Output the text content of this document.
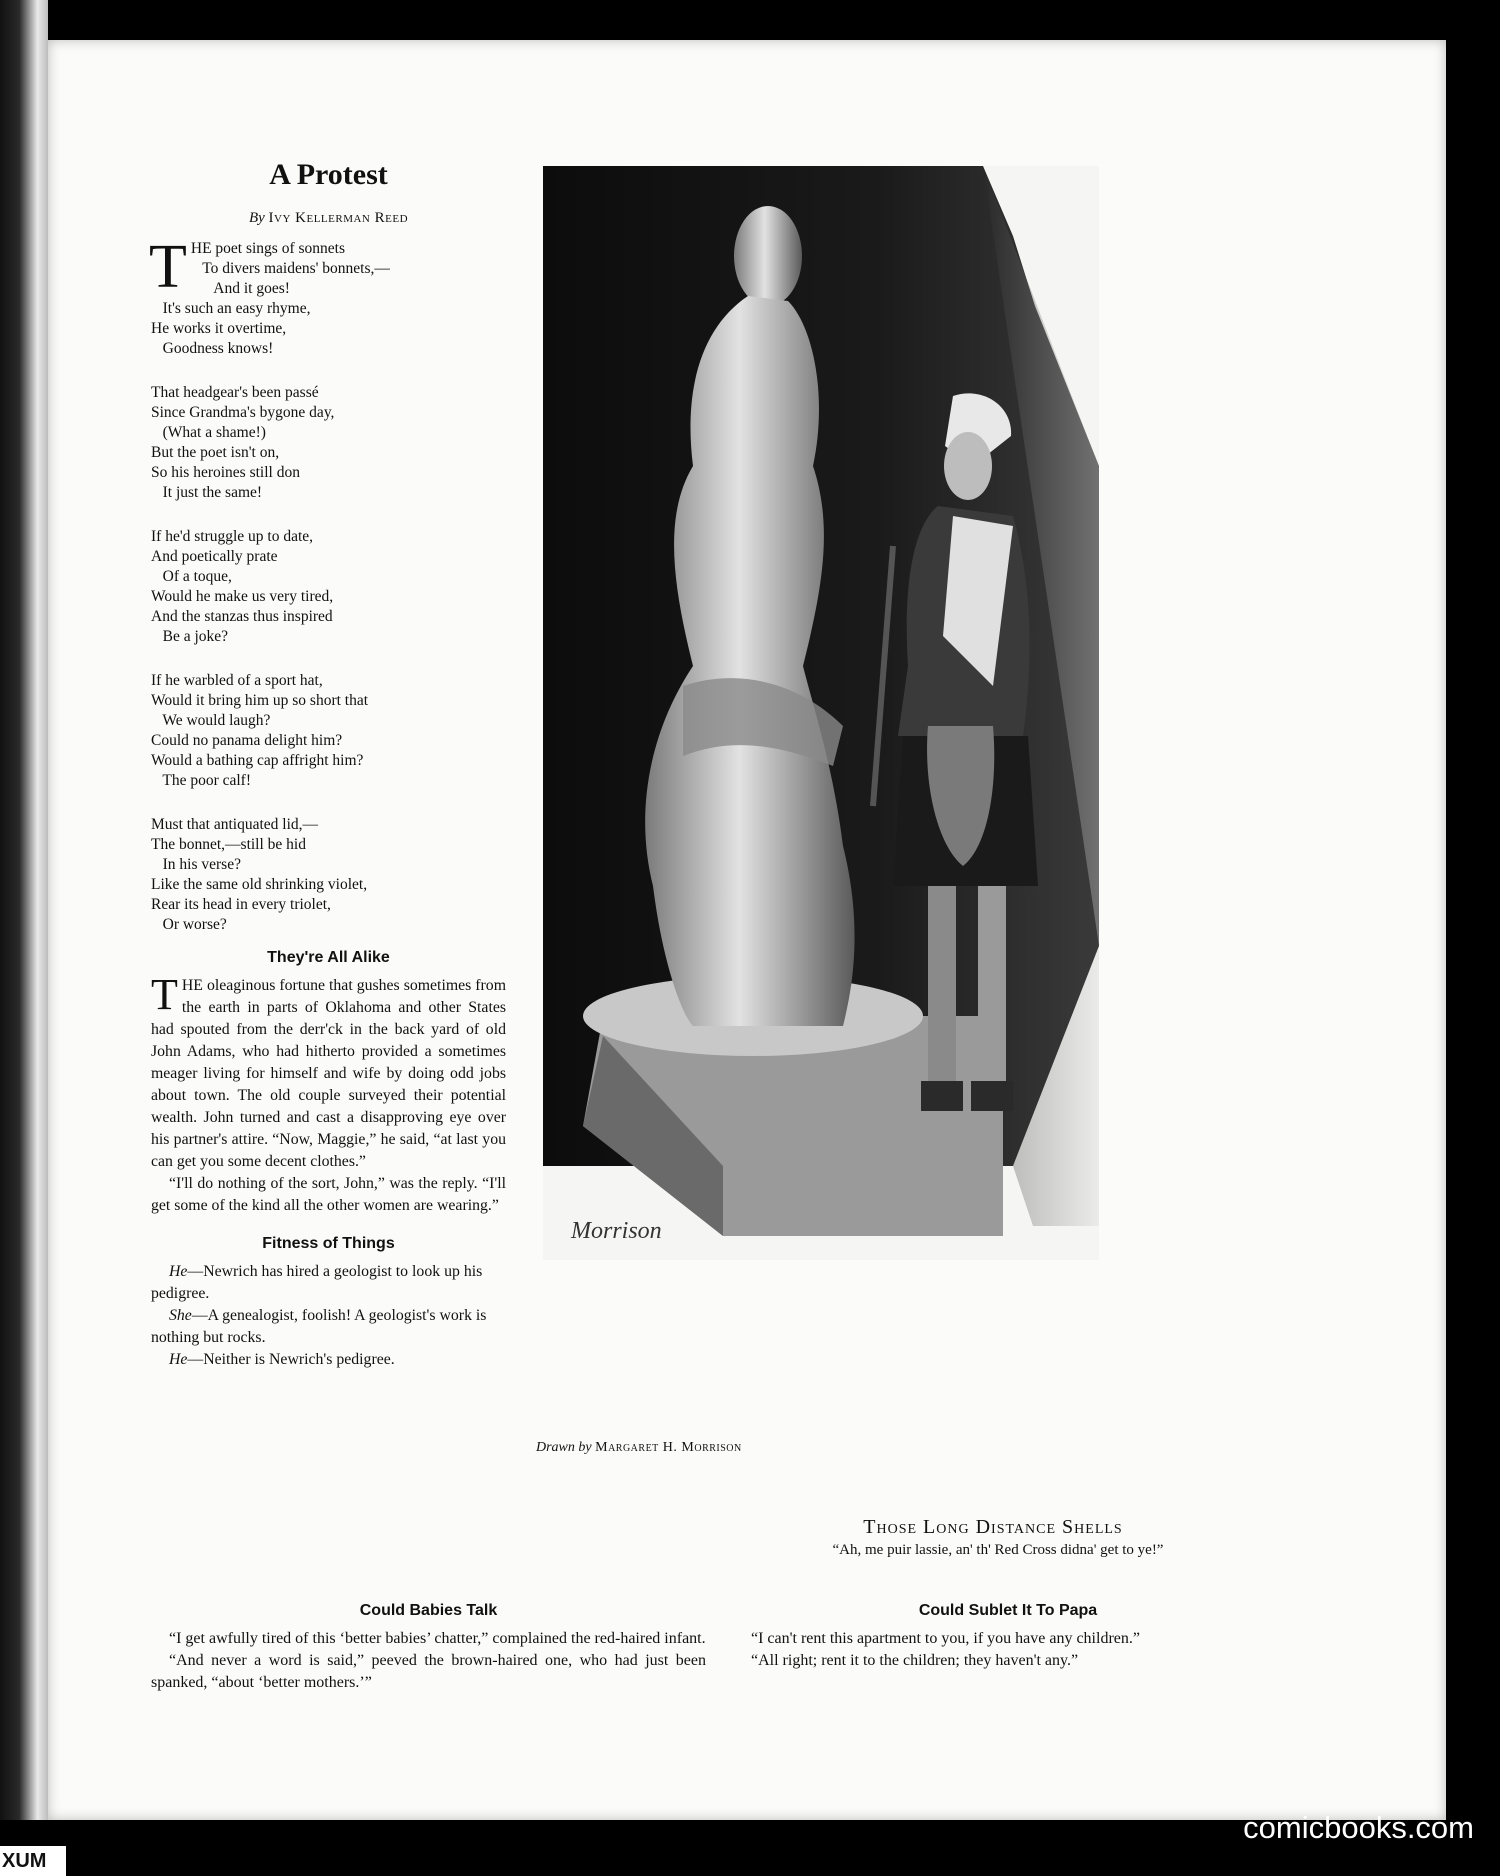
A Protest
By Ivy Kellerman Reed
T HE poet sings of sonnets
To divers maidens' bonnets,—
And it goes!
It's such an easy rhyme,
He works it overtime,
Goodness knows!
That headgear's been passé
Since Grandma's bygone day,
(What a shame!)
But the poet isn't on,
So his heroines still don
It just the same!
If he'd struggle up to date,
And poetically prate
Of a toque,
Would he make us very tired,
And the stanzas thus inspired
Be a joke?
If he warbled of a sport hat,
Would it bring him up so short that
We would laugh?
Could no panama delight him?
Would a bathing cap affright him?
The poor calf!
Must that antiquated lid,—
The bonnet,—still be hid
In his verse?
Like the same old shrinking violet,
Rear its head in every triolet,
Or worse?
They're All Alike

THE oleaginous fortune that gushes sometimes from the earth in parts of Oklahoma and other States had spouted from the derr'ck in the back yard of old John Adams, who had hitherto provided a sometimes meager living for himself and wife by doing odd jobs about town. The old couple surveyed their potential wealth. John turned and cast a disapproving eye over his partner's attire. “Now, Maggie,” he said, “at last you can get you some decent clothes.”

“I'll do nothing of the sort, John,” was the reply. “I'll get some of the kind all the other women are wearing.”

Fitness of Things

He—Newrich has hired a geologist to look up his pedigree.

She—A genealogist, foolish! A geologist's work is nothing but rocks.

He—Neither is Newrich's pedigree.

Morrison
Drawn by Margaret H. Morrison
Those Long Distance Shells
“Ah, me puir lassie, an' th' Red Cross didna' get to ye!”
Could Babies Talk

“I get awfully tired of this ‘better babies’ chatter,” complained the red-haired infant.

“And never a word is said,” peeved the brown-haired one, who had just been spanked, “about ‘better mothers.’”

Could Sublet It To Papa

“I can't rent this apartment to you, if you have any children.”

“All right; rent it to the children; they haven't any.”

comicbooks.com
XUM
